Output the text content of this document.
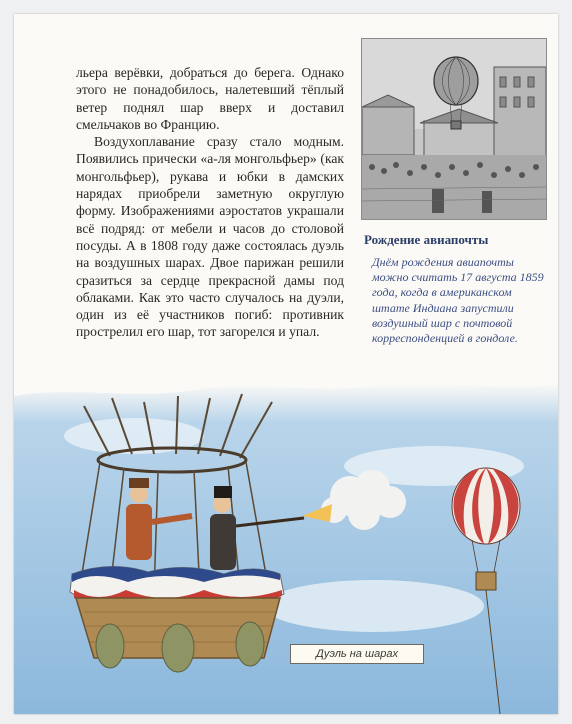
льера верёвки, добраться до берега. Однако этого не понадобилось, налетевший тёплый ветер поднял шар вверх и доставил смельчаков во Францию.

Воздухоплавание сразу стало модным. Появились прически «а-ля монгольфьер» (как монгольфьер), рукава и юбки в дамских нарядах приобрели заметную округлую форму. Изображениями аэростатов украшали всё подряд: от мебели и часов до столовой посуды. А в 1808 году даже состоялась дуэль на воздушных шарах. Двое парижан решили сразиться за сердце прекрасной дамы под облаками. Как это часто случалось на дуэли, один из её участников погиб: противник прострелил его шар, тот загорелся и упал.

Рождение авиапочты
Днём рождения авиапочты можно считать 17 августа 1859 года, когда в американском штате Индиана запустили воздушный шар с почтовой корреспонденцией в гондоле.
Дуэль на шарах
